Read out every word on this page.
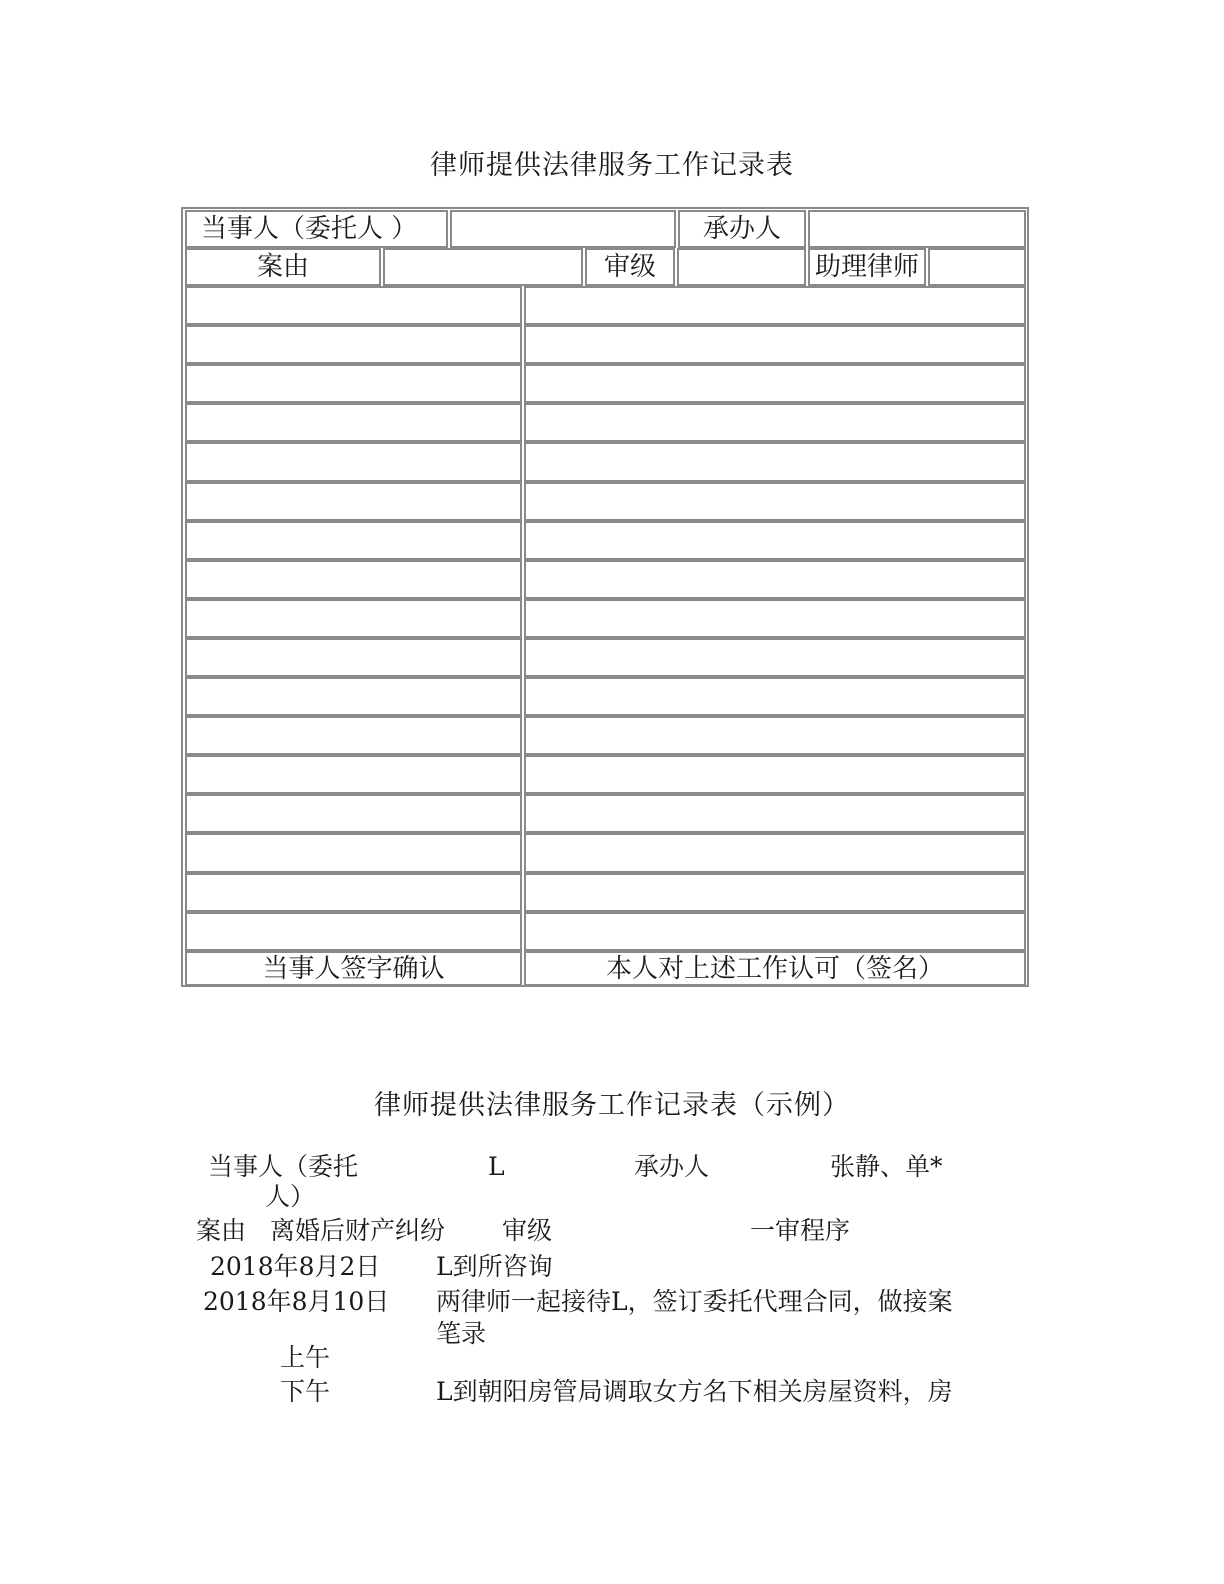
律师提供法律服务工作记录表
当事人（委托人 ）	承办人
案由	审级	助理律师
当事人签字确认	本人对上述工作认可（签名）
律师提供法律服务工作记录表（示例）
当事人（委托
人）
L	承办人	张静、单*
案由 离婚后财产纠纷 审级	一审程序
2018年8月2日 L到所咨询
2018年8月10日 两律师一起接待L，签订委托代理合同，做接案
笔录
上午
下午	L到朝阳房管局调取女方名下相关房屋资料，房
